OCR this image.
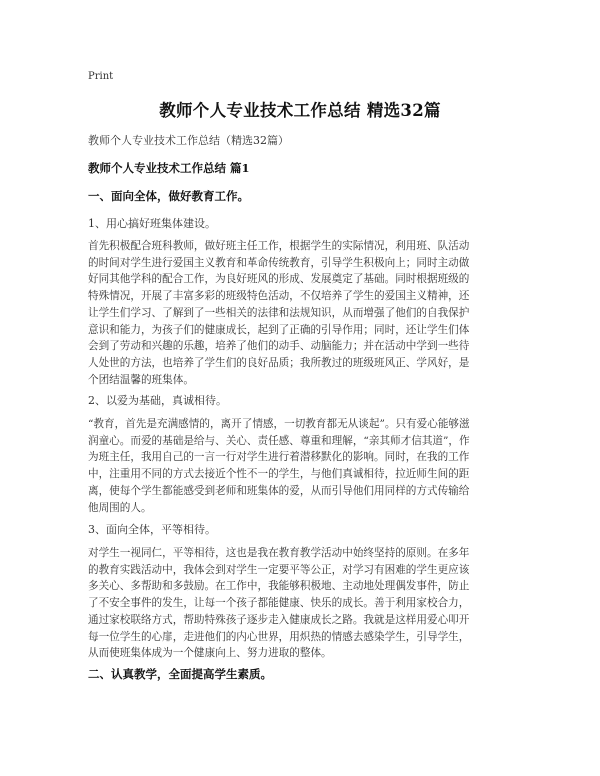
Print
教师个人专业技术工作总结 精选32篇
教师个人专业技术工作总结（精选32篇）
教师个人专业技术工作总结 篇1
一、面向全体，做好教育工作。
1、用心搞好班集体建设。
首先积极配合班科教师，做好班主任工作，根据学生的实际情况，利用班、队活动
的时间对学生进行爱国主义教育和革命传统教育，引导学生积极向上；同时主动做
好同其他学科的配合工作，为良好班风的形成、发展奠定了基础。同时根据班级的
特殊情况，开展了丰富多彩的班级特色活动，不仅培养了学生的爱国主义精神，还
让学生们学习、了解到了一些相关的法律和法规知识，从而增强了他们的自我保护
意识和能力，为孩子们的健康成长，起到了正确的引导作用；同时，还让学生们体
会到了劳动和兴趣的乐趣，培养了他们的动手、动脑能力；并在活动中学到一些待
人处世的方法，也培养了学生们的良好品质；我所教过的班级班风正、学风好，是
个团结温馨的班集体。
2、以爱为基础，真诚相待。
“教育，首先是充满感情的，离开了情感，一切教育都无从谈起”。只有爱心能够滋
润童心。而爱的基础是给与、关心、责任感、尊重和理解，“亲其师才信其道”，作
为班主任，我用自己的一言一行对学生进行着潜移默化的影响。同时，在我的工作
中，注重用不同的方式去接近个性不一的学生，与他们真诚相待，拉近师生间的距
离，使每个学生都能感受到老师和班集体的爱，从而引导他们用同样的方式传输给
他周围的人。
3、面向全体，平等相待。
对学生一视同仁，平等相待，这也是我在教育教学活动中始终坚持的原则。在多年
的教育实践活动中，我体会到对学生一定要平等公正，对学习有困难的学生更应该
多关心、多帮助和多鼓励。在工作中，我能够积极地、主动地处理偶发事件，防止
了不安全事件的发生，让每一个孩子都能健康、快乐的成长。善于利用家校合力，
通过家校联络方式，帮助特殊孩子逐步走入健康成长之路。我就是这样用爱心叩开
每一位学生的心扉，走进他们的内心世界，用炽热的情感去感染学生，引导学生，
从而使班集体成为一个健康向上、努力进取的整体。
二、认真教学，全面提高学生素质。
